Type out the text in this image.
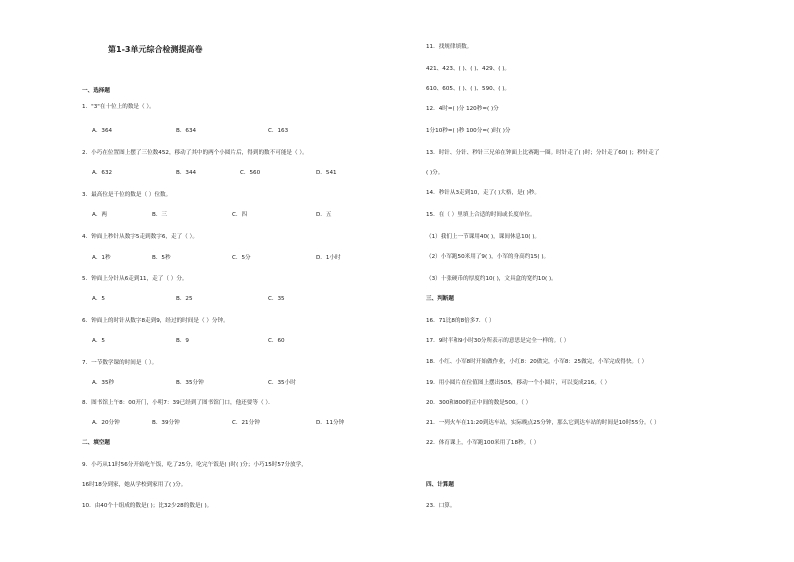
第1-3单元综合检测提高卷
一、选择题
1．"3"在十位上的数是（ ）。
A．364	B．634	C．163
2．小巧在位置图上摆了三位数452，移动了其中的两个小圆片后，得到的数不可能是（ ）。
A．632	B．344	C．560	D．541
3．最高位是千位的数是（ ）位数。
A．两	B．三	C．四	D．五
4．钟面上秒针从数字5走到数字6，走了（ ）。
A．1秒	B．5秒	C．5分	D．1小时
5．钟面上分针从6走到11，走了（ ）分。
A．5	B．25	C．35
6．钟面上的时针从数字8走到9，经过的时间是（ ）分钟。
A．5	B．9	C．60
7．一节数学课的时间是（ ）。
A．35秒	B．35分钟	C．35小时
8．图书馆上午8：00开门，小明7：39已经到了图书馆门口，他还要等（ ）．
A．20分钟	B．39分钟	C．21分钟	D．11分钟
二、填空题
9．小巧从11时56分开始吃午饭，吃了25分，吃完午饭是( )时( )分；小巧15时57分放学，
16时18分到家，她从学校到家用了( )分。
10．由40个十组成的数是( )；比32少28的数是( )。
11．找规律填数。
421、423、( )、( )、429、( )。
610、605、( )、( )、590、( )。
12．4时=( )分 120秒=( )分
1分10秒=( )秒 100分=( )时( )分
13．时针、分针、秒针三兄弟在钟面上比赛跑一圈。时针走了( )时；分针走了60( )；秒针走了
( )分。
14．秒针从3走到10，走了( )大格，是( )秒。
15．在（ ）里填上合适的时间或长度单位。
（1）我们上一节课用40( )，课间休息10( )。
（2）小军跑50米用了9( )，小军的身高约15( )。
（3）十张硬币的厚度约10( )，文具盒的宽约10( )。
三、判断题
16．71比8的8倍多7．（ ）
17．9时半和9小时30分所表示的意思是完全一样的。（ ）
18．小红、小军8时开始做作业，小红8：20做完，小军8：25做完，小军完成得快。（ ）
19．用小圆片在位值图上摆出505，移动一个小圆片，可以变成216。（ ）
20．300和800的正中间的数是500。（ ）
21．一列火车在11:20到达车站，实际晚点25分钟，那么它到达车站的时间是10时55分。（ ）
22．体育课上，小军跑100米用了18秒。（ ）
四、计算题
23．口算。
